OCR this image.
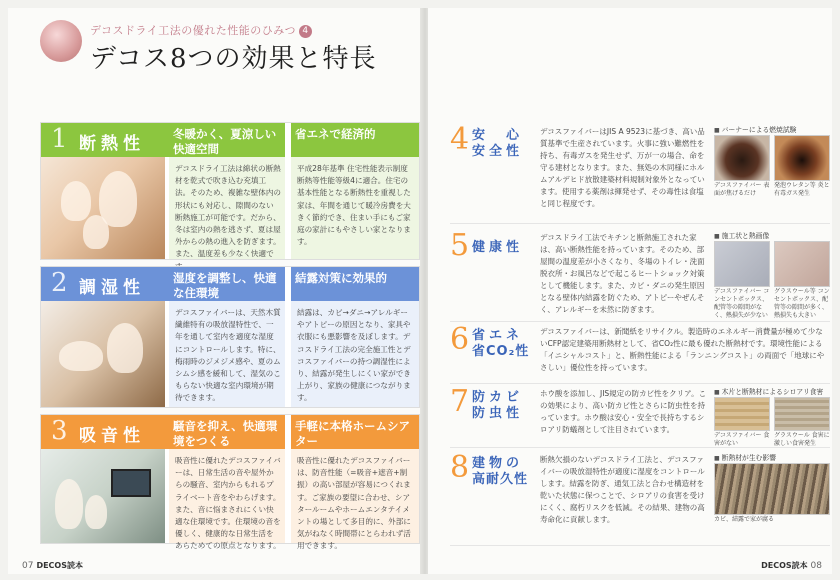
デコスドライ工法の優れた性能のひみつ 4
デコス8つの効果と特長
冬暖かく、夏涼しい快適空間
デコスドライ工法は綿状の断熱材を乾式で吹き込む充填工法。そのため、複雑な壁体内の形状にも対応し、隙間のない断熱施工が可能です。だから、冬は室内の熱を逃さず、夏は屋外からの熱の進入を防ぎます。また、温度差も少なく快適で
省エネで経済的
平成28年基準 住宅性能表示制度 断熱等性能等級4に適合。住宅の基本性能となる断熱性を重視した家は、年間を通じて暖冷房費を大きく節約でき、住まい手にもご家庭の家計にもやさしい家となります。
1 断熱性
湿度を調整し、快適な住環境
デコスファイバーは、天然木質繊維特有の吸放湿特性で、一年を通して室内を適度な湿度にコントロールします。特に、梅雨時のジメジメ感や、夏のムシムシ感を緩和して、湿気のこもらない快適な室内環境が期待できます。
結露対策に効果的
結露は、カビ→ダニ→アレルギーやアトピーの原因となり、家具や衣服にも悪影響を及ぼします。デコスドライ工法の完全施工性とデコスファイバーの持つ調湿性により、結露が発生しにくい家ができ上がり、家族の健康につながります。
2 調湿性
騒音を抑え、快適環境をつくる
吸音性に優れたデコスファイバーは、日常生活の音や屋外からの騒音、室内からもれるプライベート音をやわらげます。また、音に悩まされにくい快適な住環境です。住環境の音を優しく、健康的な日常生活をあらためての原点となります。
手軽に本格ホームシアター
吸音性に優れたデコスファイバーは、防音性能（=吸音+遮音+制振）の高い部屋が容易につくれます。ご家族の要望に合わせ、シアタールームやホームエンタテイメントの場として多目的に、外部に気がねなく時間帯にとらわれず活用できます。
3 吸音性
4 安　心
安全性
デコスファイバーはJIS A 9523に基づき、高い品質基準で生産されています。火事に強い難燃性を持ち、有毒ガスを発生せず、万が一の場合、命を守る建材となります。また、無処の木同様にホルムアルデヒド放散建築材料規制対象外となっています。使用する薬剤は揮発せず、その毒性は食塩と同じ程度です。
■ バーナーによる燃焼試験
デコスファイバー 表面が焦げるだけ
発泡ウレタン等 炎と有毒ガス発生
5 健康性
デコスドライ工法でキチンと断熱施工された家は、高い断熱性能を持っています。そのため、部屋間の温度差が小さくなり、冬場のトイレ・洗面脱衣所・お風呂などで起こるヒートショック対策として機能します。また、カビ・ダニの発生原因となる壁体内結露を防ぐため、アトピーやぜんそく、アレルギーを未然に防ぎます。
■ 施工状と熱画像
デコスファイバー コンセントボックス、配管等の隙間がなく、熱損失が少ない
グラスウール等 コンセントボックス、配管等の隙間が多く、熱損失も大きい
6 省エネ
省CO₂性
デコスファイバーは、新聞紙をリサイクル。製造時のエネルギー消費量が極めて少ないCFP認定建築用断熱材として、省CO₂性に最も優れた断熱材です。環境性能による「イニシャルコスト」と、断熱性能による「ランニングコスト」の両面で「地球にやさしい」優位性を持っています。
7 防カビ
防虫性
ホウ酸を添加し、JIS規定の防カビ性をクリア。この効果により、高い防カビ性とさらに防虫性を持っています。ホウ酸は安心・安全で長持ちするシロアリ防蟻剤として注目されています。
■ 木片と断熱材によるシロアリ食害
デコスファイバー 食害がない
グラスウール 食害に激しい食害発生
8 建物の
高耐久性
断熱欠損のないデコスドライ工法と、デコスファイバーの吸放湿特性が適度に湿度をコントロールします。結露を防ぎ、通気工法と合わせ構造材を乾いた状態に保つことで、シロアリの食害を受けにくく、腐朽リスクを低減。その結果、建物の高寿命化に貢献します。
■ 断熱材が生む影響
カビ、結露で家が腐る
07 DECOS読本	DECOS読本 08
